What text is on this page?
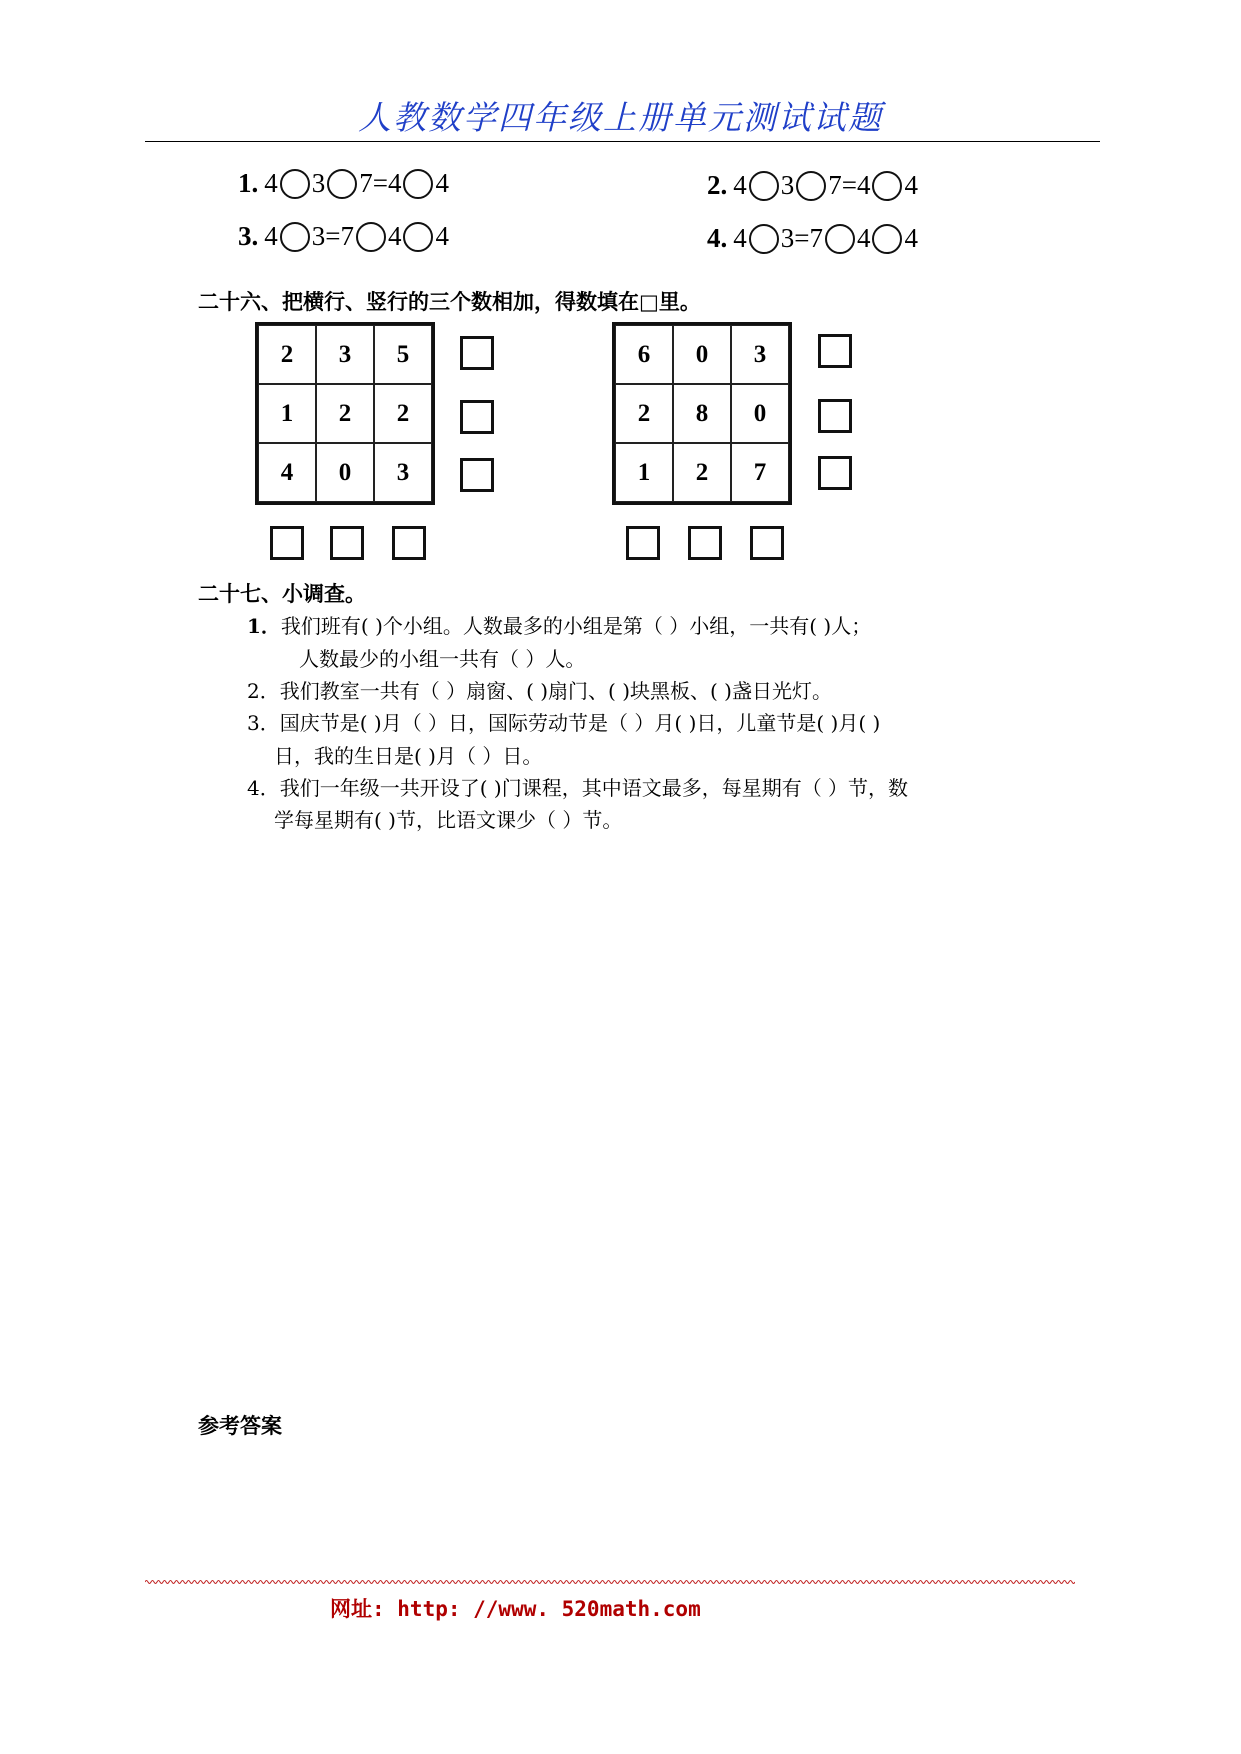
人教数学四年级上册单元测试试题
1. 4 3 7=4 4	2. 4 3 7=4 4
3. 4 3=7 4 4	4. 4 3=7 4 4
二十六、把横行、竖行的三个数相加，得数填在□里。
2	3	5
1	2	2
4	0	3
6	0	3
2	8	0
1	2	7
二十七、小调查。
1．我们班有( )个小组。人数最多的小组是第（ ）小组，一共有( )人；
人数最少的小组一共有（ ）人。
2．我们教室一共有（ ）扇窗、( )扇门、( )块黑板、( )盏日光灯。
3．国庆节是( )月（ ）日，国际劳动节是（ ）月( )日，儿童节是( )月( )
日，我的生日是( )月（ ）日。
4．我们一年级一共开设了( )门课程，其中语文最多，每星期有（ ）节，数
学每星期有( )节，比语文课少（ ）节。
参考答案
网址: http: //www. 520math.com
